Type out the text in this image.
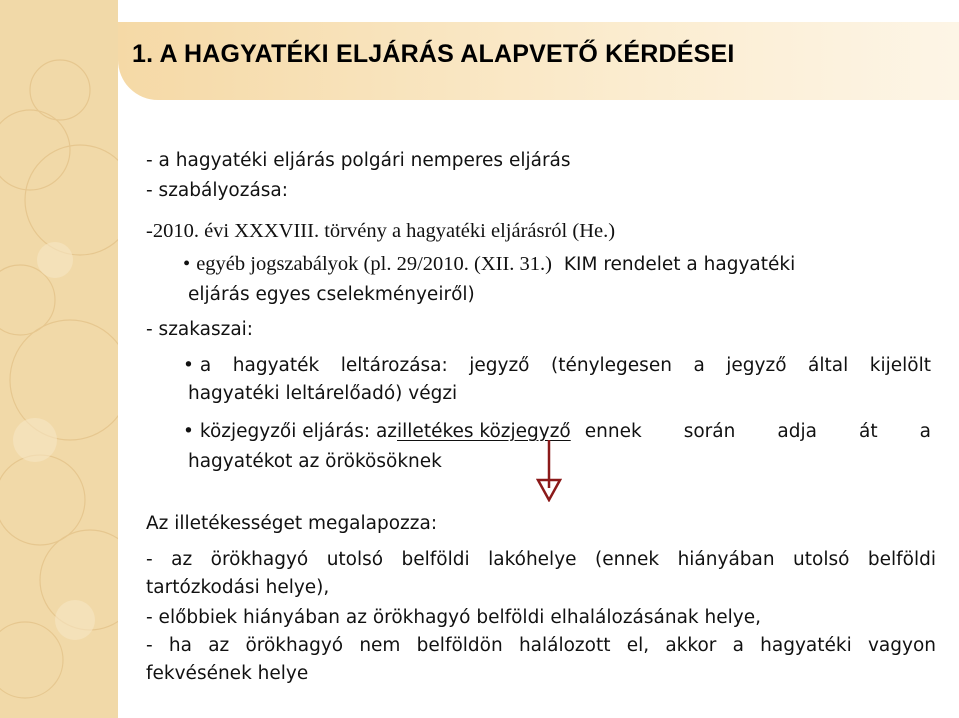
1. A HAGYATÉKI ELJÁRÁS ALAPVETŐ KÉRDÉSEI
- a hagyatéki eljárás polgári nemperes eljárás
- szabályozása:
-2010. évi XXXVIII. törvény a hagyatéki eljárásról (He.)
• egyéb jogszabályok (pl. 29/2010. (XII. 31.) KIM rendelet a hagyatéki
eljárás egyes cselekményeiről)
- szakaszai:
• a hagyaték leltározása: jegyző (ténylegesen a jegyző által kijelölt
hagyatéki leltárelőadó) végzi
• közjegyzői eljárás: az illetékes közjegyző ennek során adja át a
hagyatékot az örökösöknek
Az illetékességet megalapozza:
- az örökhagyó utolsó belföldi lakóhelye (ennek hiányában utolsó belföldi
tartózkodási helye),
- előbbiek hiányában az örökhagyó belföldi elhalálozásának helye,
- ha az örökhagyó nem belföldön halálozott el, akkor a hagyatéki vagyon
fekvésének helye
